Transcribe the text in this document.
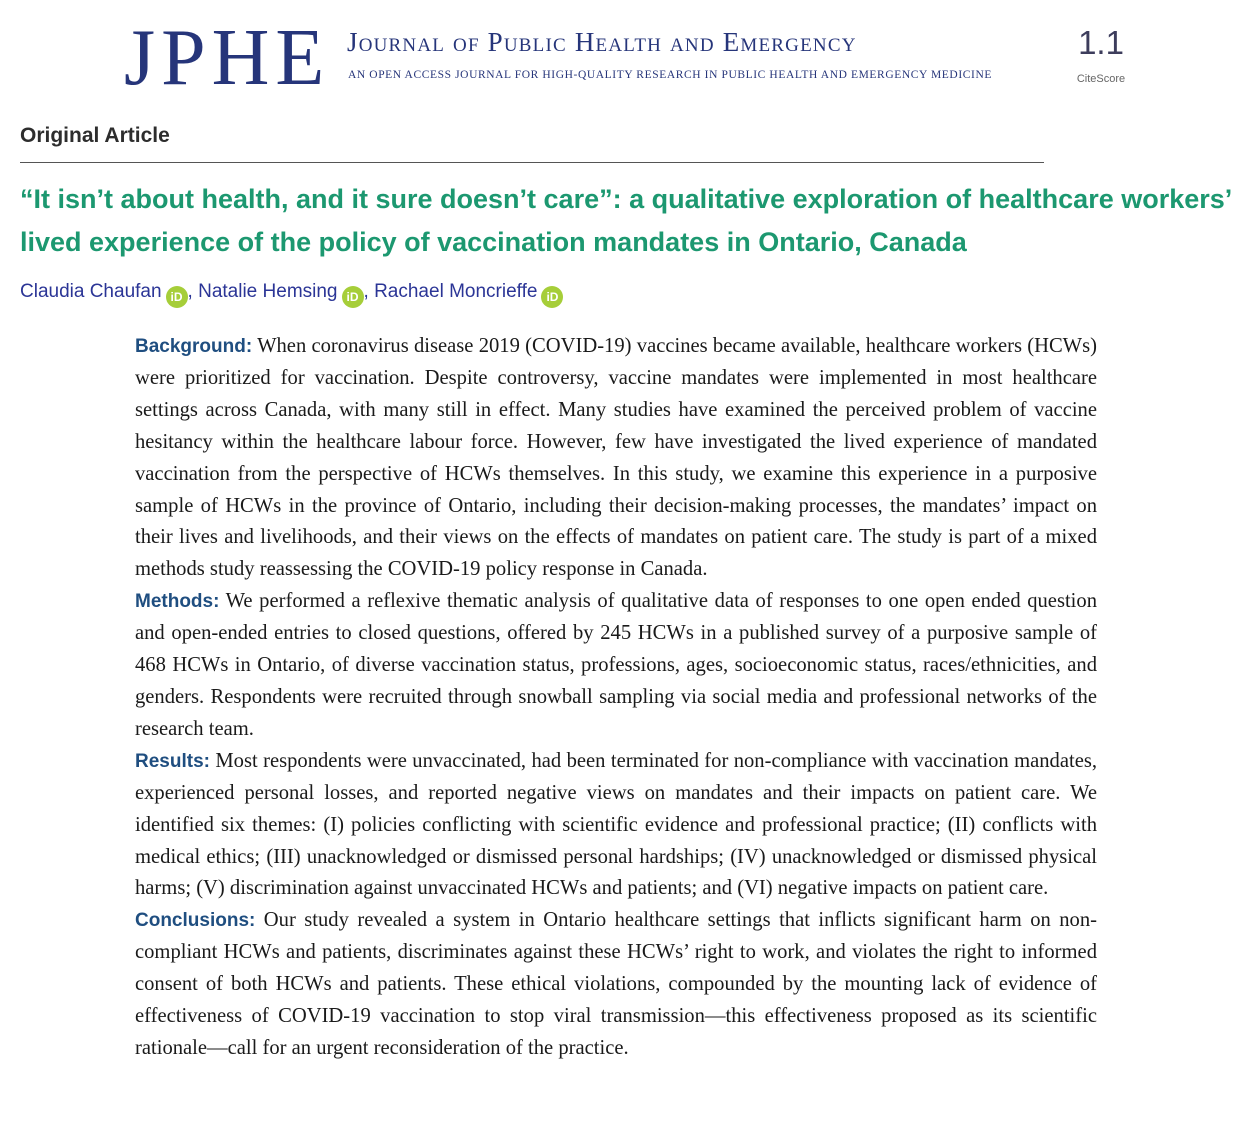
JPHE Journal of Public Health and Emergency
AN OPEN ACCESS JOURNAL FOR HIGH-QUALITY RESEARCH IN PUBLIC HEALTH AND EMERGENCY MEDICINE
1.1
CiteScore
Original Article
“It isn’t about health, and it sure doesn’t care”: a qualitative exploration of healthcare workers’ lived experience of the policy of vaccination mandates in Ontario, Canada
Claudia Chaufan iD , Natalie Hemsing iD , Rachael Moncrieffe iD

Background: When coronavirus disease 2019 (COVID-19) vaccines became available, healthcare workers (HCWs) were prioritized for vaccination. Despite controversy, vaccine mandates were implemented in most healthcare settings across Canada, with many still in effect. Many studies have examined the perceived problem of vaccine hesitancy within the healthcare labour force. However, few have investigated the lived experience of mandated vaccination from the perspective of HCWs themselves. In this study, we examine this experience in a purposive sample of HCWs in the province of Ontario, including their decision-making processes, the mandates’ impact on their lives and livelihoods, and their views on the effects of mandates on patient care. The study is part of a mixed methods study reassessing the COVID-19 policy response in Canada.

Methods: We performed a reflexive thematic analysis of qualitative data of responses to one open ended question and open-ended entries to closed questions, offered by 245 HCWs in a published survey of a purposive sample of 468 HCWs in Ontario, of diverse vaccination status, professions, ages, socioeconomic status, races/ethnicities, and genders. Respondents were recruited through snowball sampling via social media and professional networks of the research team.

Results: Most respondents were unvaccinated, had been terminated for non-compliance with vaccination mandates, experienced personal losses, and reported negative views on mandates and their impacts on patient care. We identified six themes: (I) policies conflicting with scientific evidence and professional practice; (II) conflicts with medical ethics; (III) unacknowledged or dismissed personal hardships; (IV) unacknowledged or dismissed physical harms; (V) discrimination against unvaccinated HCWs and patients; and (VI) negative impacts on patient care.

Conclusions: Our study revealed a system in Ontario healthcare settings that inflicts significant harm on non-compliant HCWs and patients, discriminates against these HCWs’ right to work, and violates the right to informed consent of both HCWs and patients. These ethical violations, compounded by the mounting lack of evidence of effectiveness of COVID-19 vaccination to stop viral transmission—this effectiveness proposed as its scientific rationale—call for an urgent reconsideration of the practice.
